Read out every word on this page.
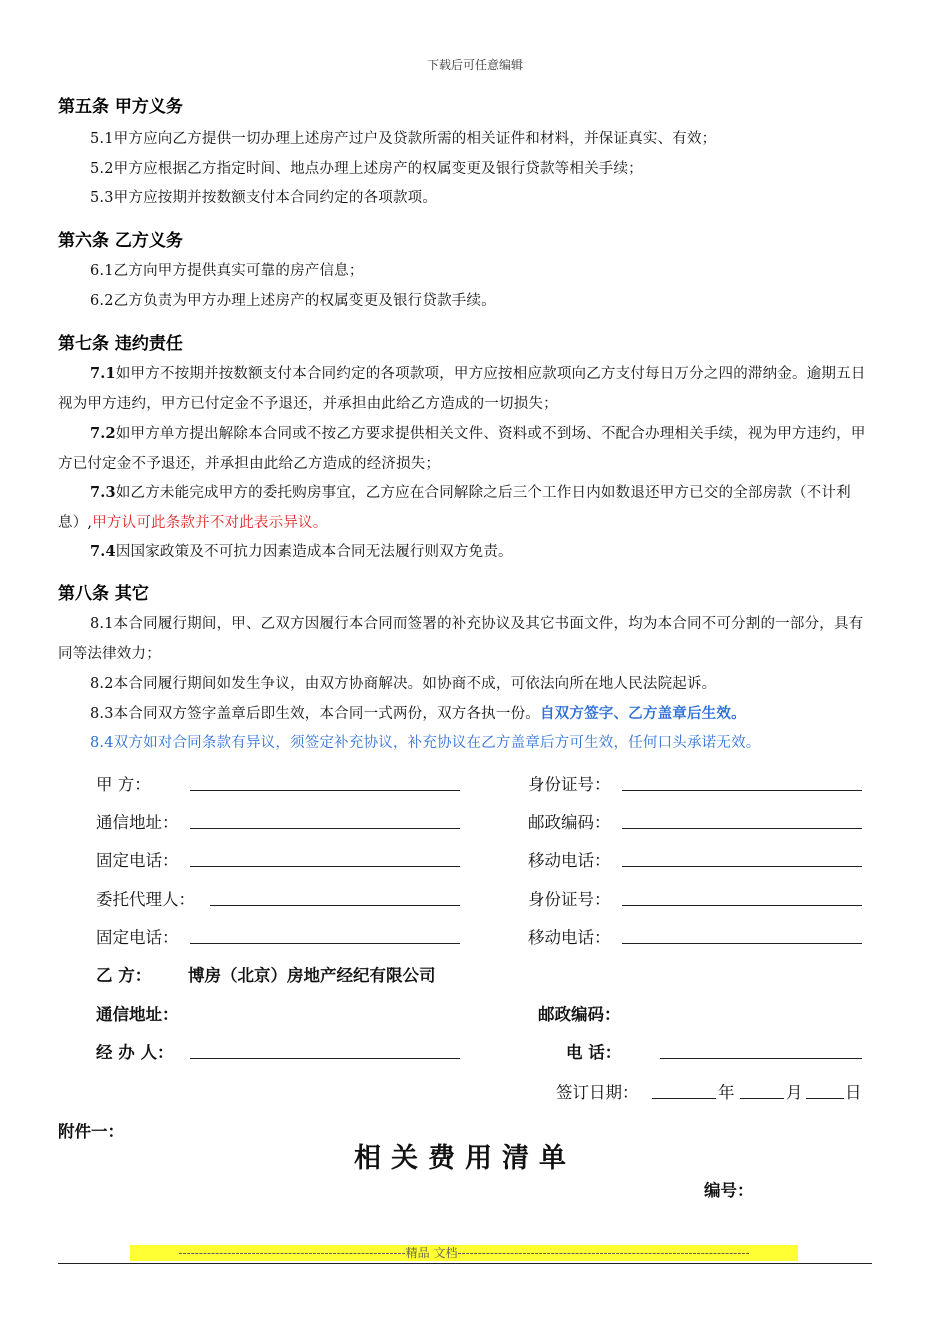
下载后可任意编辑
第五条 甲方义务
5.1甲方应向乙方提供一切办理上述房产过户及贷款所需的相关证件和材料，并保证真实、有效；
5.2甲方应根据乙方指定时间、地点办理上述房产的权属变更及银行贷款等相关手续；
5.3甲方应按期并按数额支付本合同约定的各项款项。
第六条 乙方义务
6.1乙方向甲方提供真实可靠的房产信息；
6.2乙方负责为甲方办理上述房产的权属变更及银行贷款手续。
第七条 违约责任
7.1如甲方不按期并按数额支付本合同约定的各项款项，甲方应按相应款项向乙方支付每日万分之四的滞纳金。逾期五日视为甲方违约，甲方已付定金不予退还，并承担由此给乙方造成的一切损失；
7.2如甲方单方提出解除本合同或不按乙方要求提供相关文件、资料或不到场、不配合办理相关手续，视为甲方违约，甲方已付定金不予退还，并承担由此给乙方造成的经济损失；
7.3如乙方未能完成甲方的委托购房事宜，乙方应在合同解除之后三个工作日内如数退还甲方已交的全部房款（不计利息）,甲方认可此条款并不对此表示异议。
7.4因国家政策及不可抗力因素造成本合同无法履行则双方免责。
第八条 其它
8.1本合同履行期间，甲、乙双方因履行本合同而签署的补充协议及其它书面文件，均为本合同不可分割的一部分，具有同等法律效力；
8.2本合同履行期间如发生争议，由双方协商解决。如协商不成，可依法向所在地人民法院起诉。
8.3本合同双方签字盖章后即生效，本合同一式两份，双方各执一份。自双方签字、乙方盖章后生效。
8.4双方如对合同条款有异议，须签定补充协议，补充协议在乙方盖章后方可生效，任何口头承诺无效。
甲 方：	身份证号：
通信地址：	邮政编码：
固定电话：	移动电话：
委托代理人：	身份证号：
固定电话：	移动电话：
乙 方： 博房（北京）房地产经纪有限公司
通信地址：	邮政编码：
经 办 人：	电 话：
签订日期：	年	月	日
附件一：
相关费用清单
编号：
--------------------------------------------------------精品 文档------------------------------------------------------------------------
